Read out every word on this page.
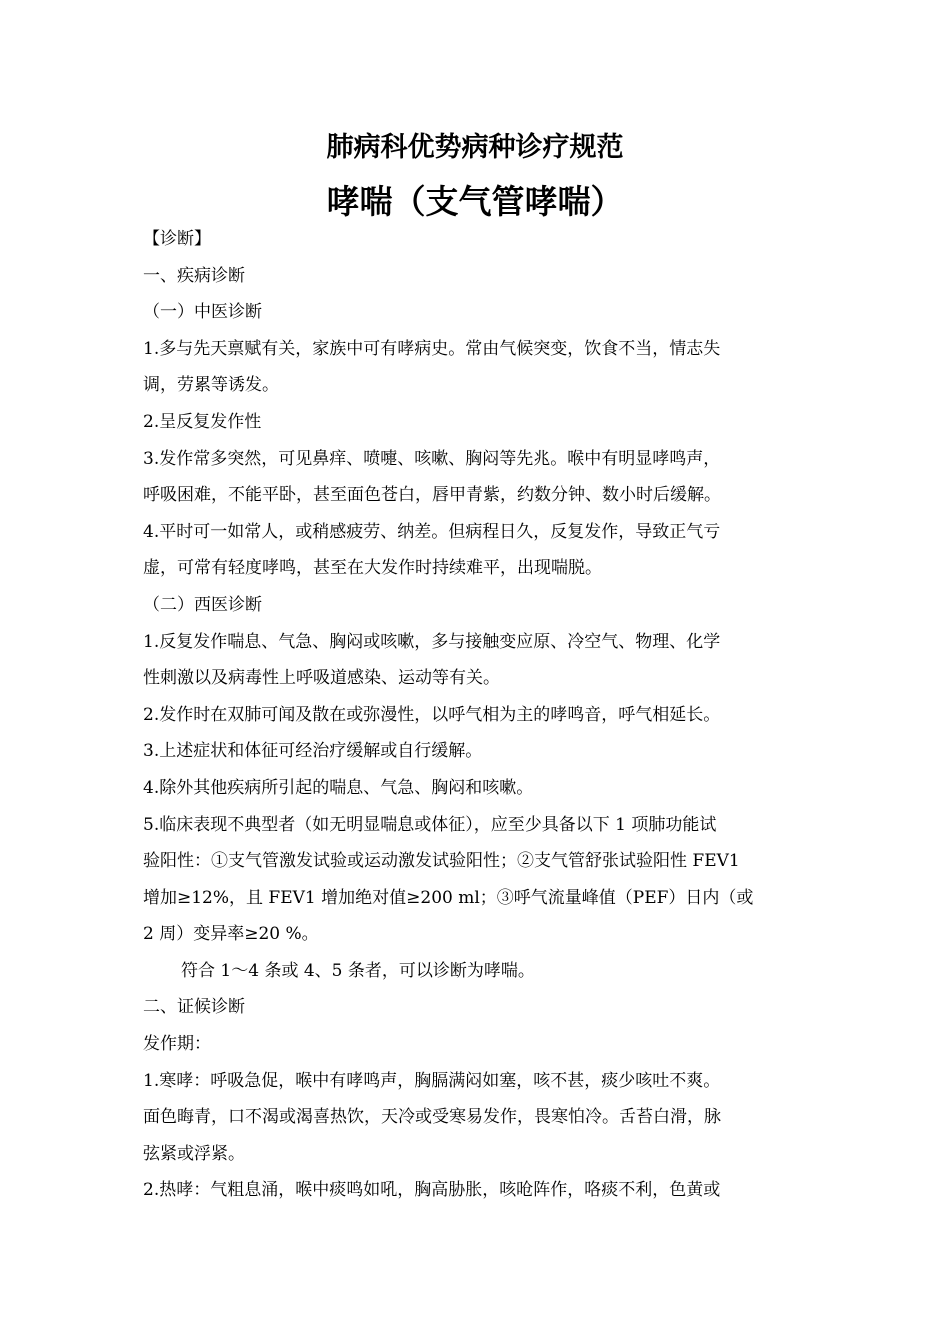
肺病科优势病种诊疗规范
哮喘（支气管哮喘）
【诊断】
一、疾病诊断
（一）中医诊断
1.多与先天禀赋有关，家族中可有哮病史。常由气候突变，饮食不当，情志失
调，劳累等诱发。
2.呈反复发作性
3.发作常多突然，可见鼻痒、喷嚏、咳嗽、胸闷等先兆。喉中有明显哮鸣声，
呼吸困难，不能平卧，甚至面色苍白，唇甲青紫，约数分钟、数小时后缓解。
4.平时可一如常人，或稍感疲劳、纳差。但病程日久，反复发作，导致正气亏
虚，可常有轻度哮鸣，甚至在大发作时持续难平，出现喘脱。
（二）西医诊断
1.反复发作喘息、气急、胸闷或咳嗽，多与接触变应原、冷空气、物理、化学
性刺激以及病毒性上呼吸道感染、运动等有关。
2.发作时在双肺可闻及散在或弥漫性，以呼气相为主的哮鸣音，呼气相延长。
3.上述症状和体征可经治疗缓解或自行缓解。
4.除外其他疾病所引起的喘息、气急、胸闷和咳嗽。
5.临床表现不典型者（如无明显喘息或体征），应至少具备以下 1 项肺功能试
验阳性：①支气管激发试验或运动激发试验阳性；②支气管舒张试验阳性 FEV1
增加≥12%，且 FEV1 增加绝对值≥200 ml；③呼气流量峰值（PEF）日内（或
2 周）变异率≥20 %。
符合 1～4 条或 4、5 条者，可以诊断为哮喘。
二、证候诊断
发作期：
1.寒哮：呼吸急促，喉中有哮鸣声，胸膈满闷如塞，咳不甚，痰少咳吐不爽。
面色晦青，口不渴或渴喜热饮，天冷或受寒易发作，畏寒怕冷。舌苔白滑，脉
弦紧或浮紧。
2.热哮：气粗息涌，喉中痰鸣如吼，胸高胁胀，咳呛阵作，咯痰不利，色黄或
